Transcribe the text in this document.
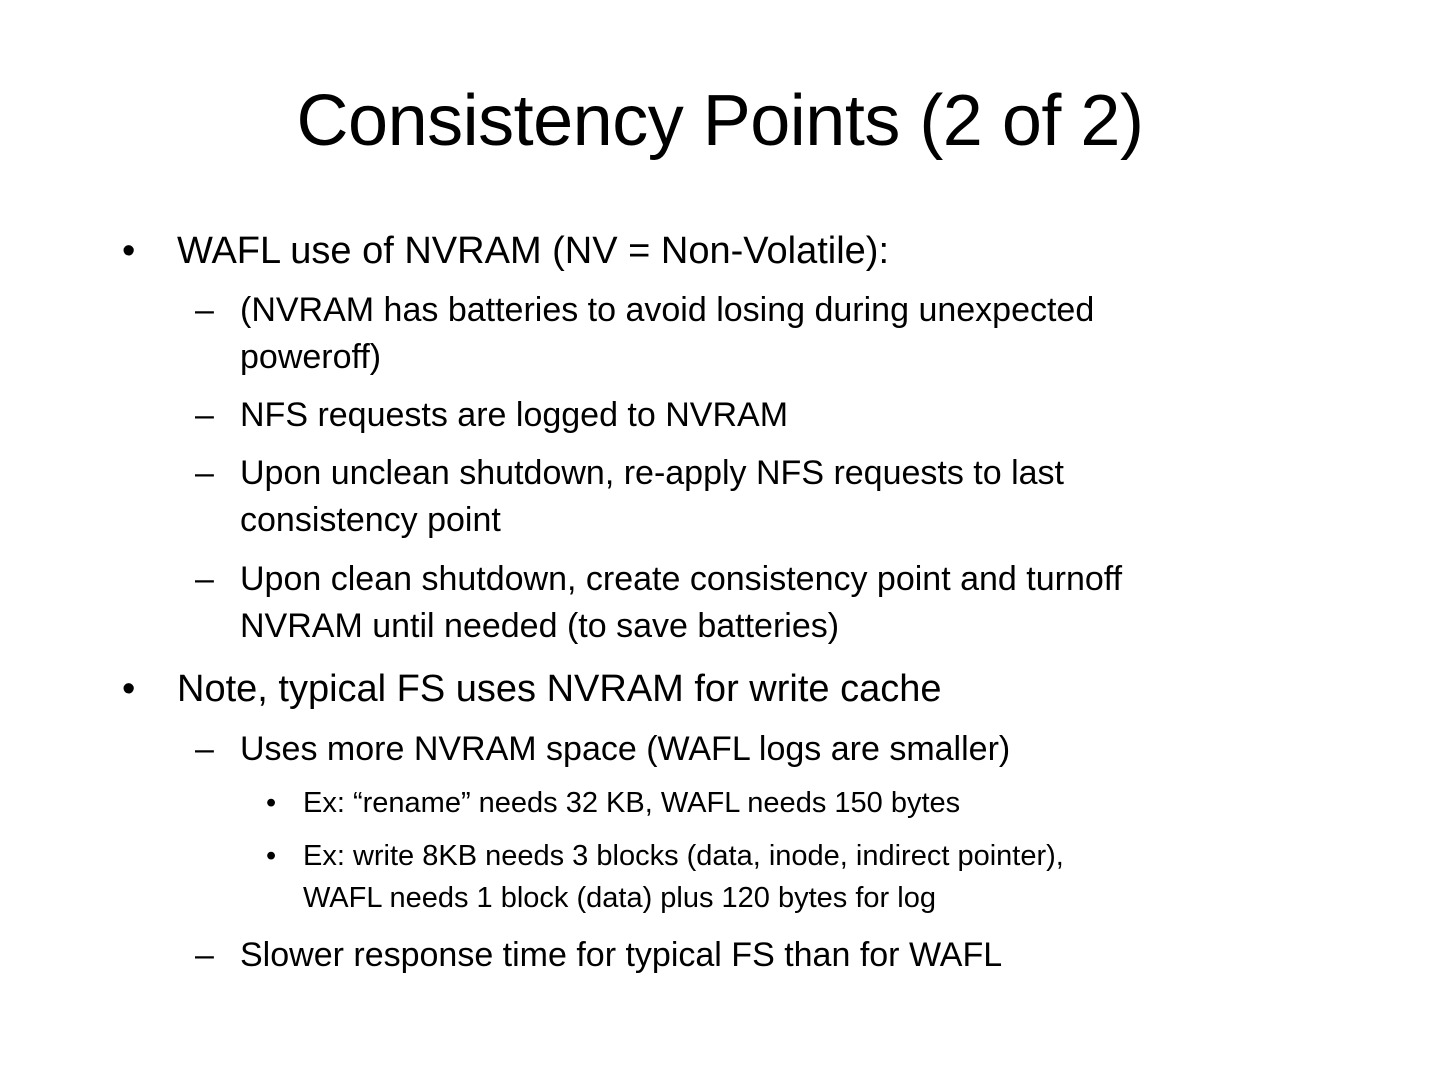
Consistency Points (2 of 2)
• WAFL use of NVRAM (NV = Non-Volatile):
– (NVRAM has batteries to avoid losing during unexpected
poweroff)
– NFS requests are logged to NVRAM
– Upon unclean shutdown, re-apply NFS requests to last
consistency point
– Upon clean shutdown, create consistency point and turnoff
NVRAM until needed (to save batteries)
• Note, typical FS uses NVRAM for write cache
– Uses more NVRAM space (WAFL logs are smaller)
• Ex: “rename” needs 32 KB, WAFL needs 150 bytes
• Ex: write 8KB needs 3 blocks (data, inode, indirect pointer),
WAFL needs 1 block (data) plus 120 bytes for log
– Slower response time for typical FS than for WAFL
